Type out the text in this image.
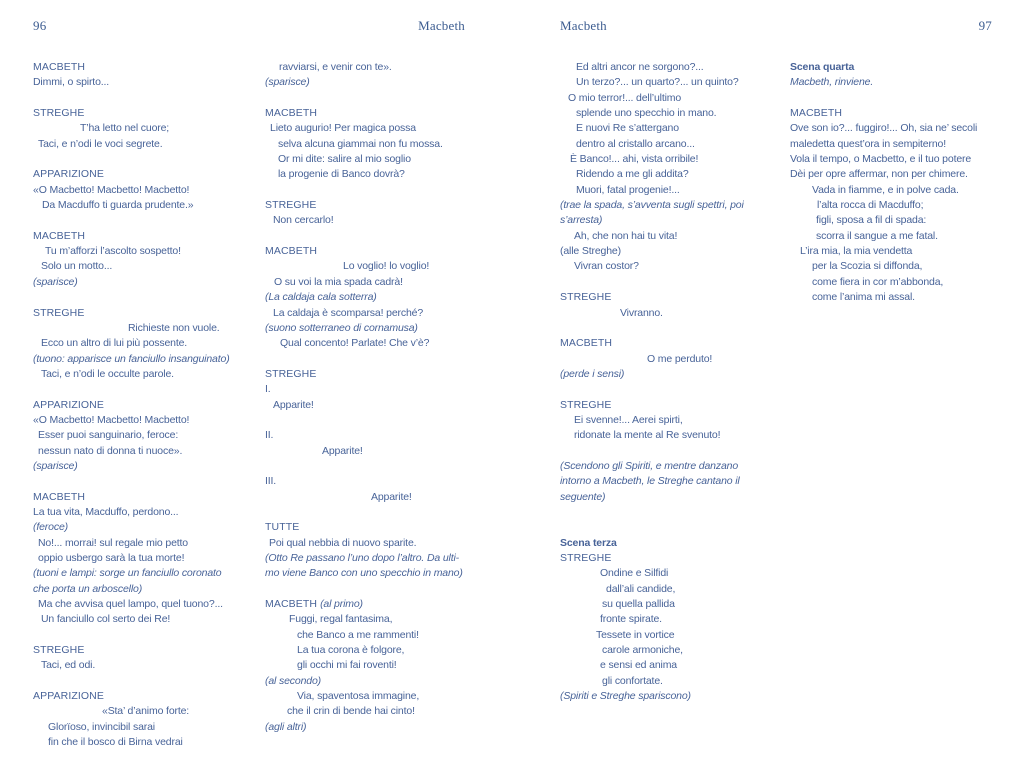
96	Macbeth	Macbeth	97
MACBETH
Dimmi, o spirto...

STREGHE
T’ha letto nel cuore;
Taci, e n’odi le voci segrete.

APPARIZIONE
«O Macbetto! Macbetto! Macbetto!
Da Macduffo ti guarda prudente.»

MACBETH
Tu m’afforzi l’ascolto sospetto!
Solo un motto...
(sparisce)

STREGHE
Richieste non vuole.
Ecco un altro di lui più possente.
(tuono: apparisce un fanciullo insanguinato)
Taci, e n’odi le occulte parole.

APPARIZIONE
«O Macbetto! Macbetto! Macbetto!
Esser puoi sanguinario, feroce:
nessun nato di donna ti nuoce».
(sparisce)

MACBETH
La tua vita, Macduffo, perdono...
(feroce)
No!... morrai! sul regale mio petto
oppio usbergo sarà la tua morte!
(tuoni e lampi: sorge un fanciullo coronato
che porta un arboscello)
Ma che avvisa quel lampo, quel tuono?...
Un fanciullo col serto dei Re!

STREGHE
Taci, ed odi.

APPARIZIONE
«Sta’ d’animo forte:
Glorïoso, invincibil sarai
fin che il bosco di Birna vedrai
ravviarsi, e venir con te».
(sparisce)

MACBETH
Lieto augurio! Per magica possa
selva alcuna giammai non fu mossa.
Or mi dite: salire al mio soglio
la progenie di Banco dovrà?

STREGHE
Non cercarlo!

MACBETH
Lo voglio! lo voglio!
O su voi la mia spada cadrà!
(La caldaja cala sotterra)
La caldaja è scomparsa! perché?
(suono sotterraneo di cornamusa)
Qual concento! Parlate! Che v’è?

STREGHE
I.
Apparite!

II.
Apparite!

III.
Apparite!

TUTTE
Poi qual nebbia di nuovo sparite.
(Otto Re passano l’uno dopo l’altro. Da ulti-
mo viene Banco con uno specchio in mano)

MACBETH (al primo)
Fuggi, regal fantasima,
che Banco a me rammenti!
La tua corona è folgore,
gli occhi mi fai roventi!
(al secondo)
Via, spaventosa immagine,
che il crin di bende hai cinto!
(agli altri)
Ed altri ancor ne sorgono?...
Un terzo?... un quarto?... un quinto?
O mio terror!... dell’ultimo
splende uno specchio in mano.
E nuovi Re s’attergano
dentro al cristallo arcano...
È Banco!... ahi, vista orribile!
Ridendo a me gli addita?
Muori, fatal progenie!...
(trae la spada, s’avventa sugli spettri, poi
s’arresta)
Ah, che non hai tu vita!
(alle Streghe)
Vivran costor?

STREGHE
Vivranno.

MACBETH
O me perduto!
(perde i sensi)

STREGHE
Ei svenne!... Aerei spirti,
ridonate la mente al Re svenuto!

(Scendono gli Spiriti, e mentre danzano
intorno a Macbeth, le Streghe cantano il
seguente)

Scena terza
STREGHE
Ondine e Silfidi
dall’ali candide,
su quella pallida
fronte spirate.
Tessete in vortice
carole armoniche,
e sensi ed anima
gli confortate.
(Spiriti e Streghe spariscono)
Scena quarta
Macbeth, rinviene.

MACBETH
Ove son io?... fuggiro!... Oh, sia ne’ secoli
maledetta quest’ora in sempiterno!
Vola il tempo, o Macbetto, e il tuo potere
Dèi per opre affermar, non per chimere.
Vada in fiamme, e in polve cada.
l’alta rocca di Macduffo;
figli, sposa a fil di spada:
scorra il sangue a me fatal.
L’ira mia, la mia vendetta
per la Scozia si diffonda,
come fiera in cor m’abbonda,
come l’anima mi assal.
